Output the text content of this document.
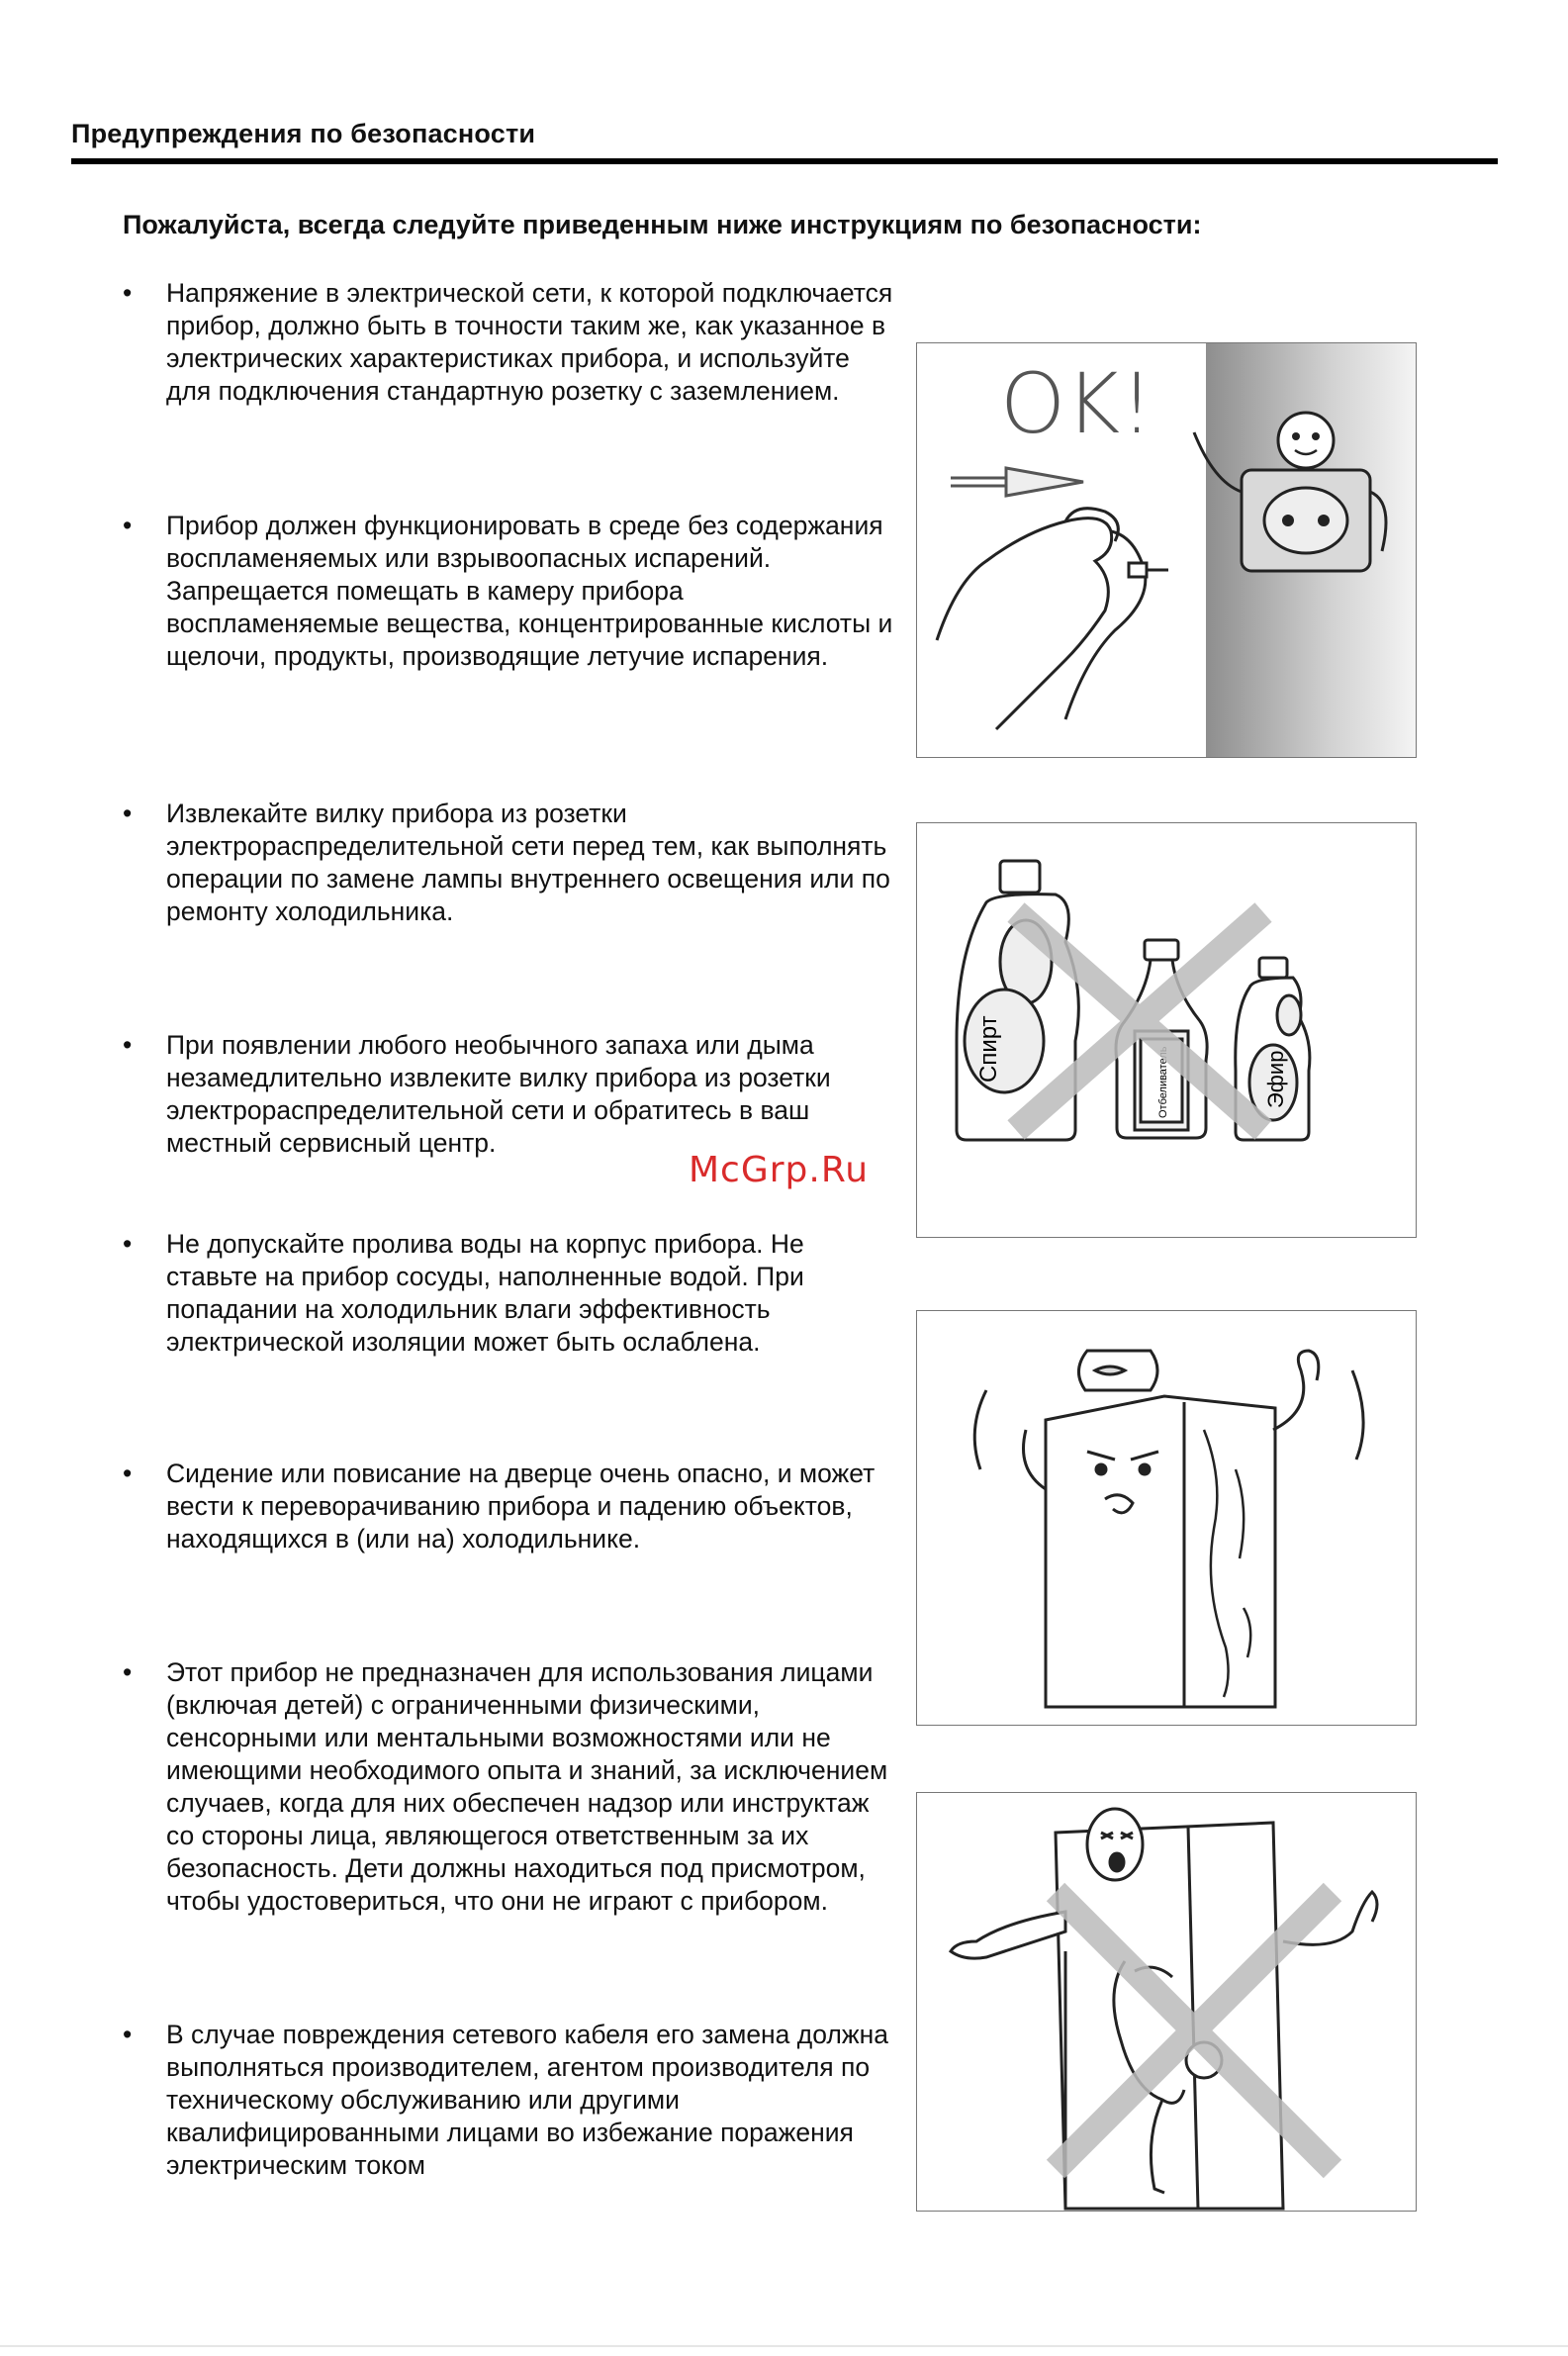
Предупреждения по безопасности

Пожалуйста, всегда следуйте приведенным ниже инструкциям по безопасности:

•	Напряжение в электрической сети, к которой подключается прибор, должно быть в точности таким же, как указанное в электрических характеристиках прибора, и используйте для подключения стандартную розетку с заземлением.
•	Прибор должен функционировать в среде без содержания воспламеняемых или взрывоопасных испарений. Запрещается помещать в камеру прибора воспламеняемые вещества, концентрированные кислоты и щелочи, продукты, производящие летучие испарения.
•	Извлекайте вилку прибора из розетки электрораспределительной сети перед тем, как выполнять операции по замене лампы внутреннего освещения или по ремонту холодильника.
•	При появлении любого необычного запаха или дыма незамедлительно извлеките вилку прибора из розетки электрораспределительной сети и обратитесь в ваш местный сервисный центр.
•	Не допускайте пролива воды на корпус прибора. Не ставьте на прибор сосуды, наполненные водой. При попадании на холодильник влаги эффективность электрической изоляции может быть ослаблена.
•	Сидение или повисание на дверце очень опасно, и может вести к переворачиванию прибора и падению объектов, находящихся в (или на) холодильнике.
•	Этот прибор не предназначен для использования лицами (включая детей) с ограниченными физическими, сенсорными или ментальными возможностями или не имеющими необходимого опыта и знаний, за исключением случаев, когда для них обеспечен надзор или инструктаж со стороны лица, являющегося ответственным за их безопасность. Дети должны находиться под присмотром, чтобы удостовериться, что они не играют с прибором.
•	В случае повреждения сетевого кабеля его замена должна выполняться производителем, агентом производителя по техническому обслуживанию или другими квалифицированными лицами во избежание поражения электрическим током
OK!
Спирт	Отбеливатель	Эфир
McGrp.Ru
